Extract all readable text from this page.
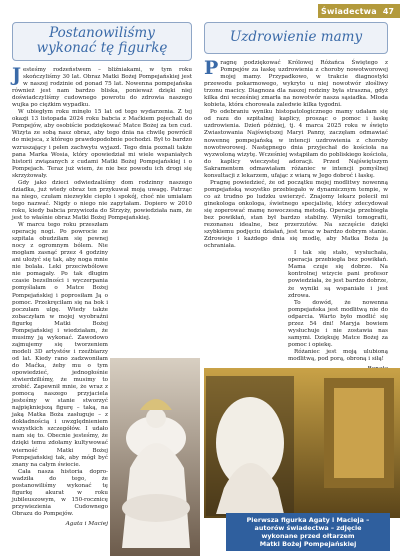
Świadectwa 47
Postanowiliśmy
wykonać tę figurkę

Jesteśmy rodzeństwem – bliźniakami, w tym roku skończyliśmy 30 lat. Obraz Matki Bożej Pompejańskiej jest w naszej rodzinie od ponad 75 lat. Nowenna pompejańska również jest nam bardzo bliska, ponieważ dzięki niej doświadczyliśmy cudownego powrotu do zdrowia naszego wujka po ciężkim wypadku.

W ubiegłym roku minęło 15 lat od tego wydarzenia. Z tej okazji 13 listopada 2024 roku babcia z Maćkiem pojechali do Pompejów, aby osobiście podziękować Matce Bożej za ten cud. Wizyta ze sobą nasz obraz, aby tego dnia na chwilę powrócił do miejsca, z którego prawdopodobnie pochodzi. Był to bardzo wzruszający i pełen zachwytu wyjazd. Tego dnia poznali także pana Marka Wosia, który opowiedział mi wiele wspaniałych historii związanych z cudami Matki Bożej Pompejańskiej i o Pompejach. Teraz już wiem, że nie bez powodu ich drogi się skrzyżowały.

Gdy jako dzieci odwiedzaliśmy dom rodzinny naszego dziadka, już wtedy obraz ten przykuwał moją uwagę. Patrząc na niego, czułam niezwykłe ciepło i spokój, choć nie umiałam tego nazwać. Nigdy o niego nie zapytałam. Dopiero w 2010 roku, kiedy babcia przywiozła do Strzyży, powiedziała nam, że jest to właśnie obraz Matki Bożej Pompejańskiej.

W marcu tego roku przeszłam operację nogi. Po powrocie ze szpitala obudziłam się pewnej nocy z ogromnym bólem. Nie mogłam zasnąć przez 4 godziny ani ułożyć się tak, aby noga mnie nie bolała. Leki przeciwbólowe nie pomagały. Po tak długim czasie bezsilności i wyczerpania pomyślałam o Matce Bożej Pompejańskiej i poprosiłam Ją o pomoc. Przekręciłam się na bok i poczułam ulgę. Wtedy także zobaczyłam w mojej wyobraźni figurkę Matki Bożej Pompejańskiej i wiedziałam, że musimy ją wykonać. Zawodowo zajmujemy się tworzeniem modeli 3D artystów i rzeźbiarzy od lat. Kiedy rano zadzwoniłam do Maćka, żeby mu o tym opowiedzieć, jednogłośnie stwierdziliśmy, że musimy to zrobić. Zapewnił mnie, że wraz z pomocą naszego przyjaciela jesteśmy w stanie stworzyć najpiękniejszą figurę – taką, na jaką Matka Boża zasługuje – z dokładnością i uwzględnieniem wszystkich szczegółów. I udało nam się to. Obecnie jesteśmy, że dzięki temu zdołamy kultywować wierność Matki Bożej Pompejańskiej tak, aby mógł być znany na całym świecie.

Cała nasza historia doprowadziła do tego, że postanowiliśmy wykonać tę figurkę akurat w roku jubileuszowym, w 150-rocznicę przywiezienia Cudownego Obrazu do Pompejów.

Agata i Maciej
Uzdrowienie mamy

Pragnę podziękować Królowej Różańca Świętego z Pompejów za łaskę uzdrowienia z choroby nowotworowej mojej mamy. Przypadkowo, w trakcie diagnostyki przewodu pokarmowego, wykryto u niej nowotwór złośliwy trzonu macicy. Diagnoza dla naszej rodziny była straszna, gdyż kilka dni wcześniej zmarła na nowotwór nasza sąsiadka. Młoda kobieta, która chorowała zaledwie kilka tygodni.

Po odebraniu wyniku histopatologicznego mamy udałam się od razu do szpitalnej kaplicy, prosząc o pomoc i łaskę uzdrowienia. Dzień później, tj. 4 marca 2025 roku w święto Zwiastowania Najświętszej Maryi Panny, zaczęłam odmawiać nowennę pompejańską w intencji uzdrowienia z choroby nowotworowej. Następnego dnia przyjechał do kościoła na wyzwoloną wizytę. Wcześniej wstąpiłam do pobliskiego kościoła, do kaplicy wieczystej adoracji. Przed Najświętszym Sakramentem odmawiałam różaniec w intencji pomyślnej konsultacji z lekarzem, ufając z wiarą w Jego dobroć i łaskę.

Pragnę powiedzieć, że od początku mojej modlitwy nowenną pompejańską wszystko przebiegało w dynamicznym tempie, w co aż trudno po ludzku uwierzyć. Znajomy lekarz polecił mi ginekologa onkologa, świetnego specjalistę, który zdecydował się zoperować mamę nowoczesną metodą. Operacja przebiegła bez powikłań, stan był bardzo stabilny. Wyniki tomografii, rezonansu idealne, bez przerzutów. Na szczęście dzięki szybkiemu podjęciu działań, jest teraz w bardzo dobrym stanie. Zdrowieje i każdego dnia się modlę, aby Matka Boża ją ochraniała.

I tak się stało, wysłuchała, operacja przebiegła bez powikłań. Mama czuje się dobrze. Na kontrolnej wizycie pani profesor powiedziała, że jest bardzo dobrze, że wyniki są wspaniałe i jest zdrowa.

To dowód, że nowenna pompejańska jest modlitwą nie do odparcia. Warto było modlić się przez 54 dni! Maryja bowiem wysłuchuje i nie zostawia nas samymi. Dziękuję Matce Bożej za pomoc i opiekę.

Różaniec jest moją ulubioną modlitwą, pod porą, obroną i siłą!

Pierwsza figurka Agaty i Macieja –
autorów świadectwa – zdjęcie
wykonane przed ołtarzem
Matki Bożej Pompejańskiej
